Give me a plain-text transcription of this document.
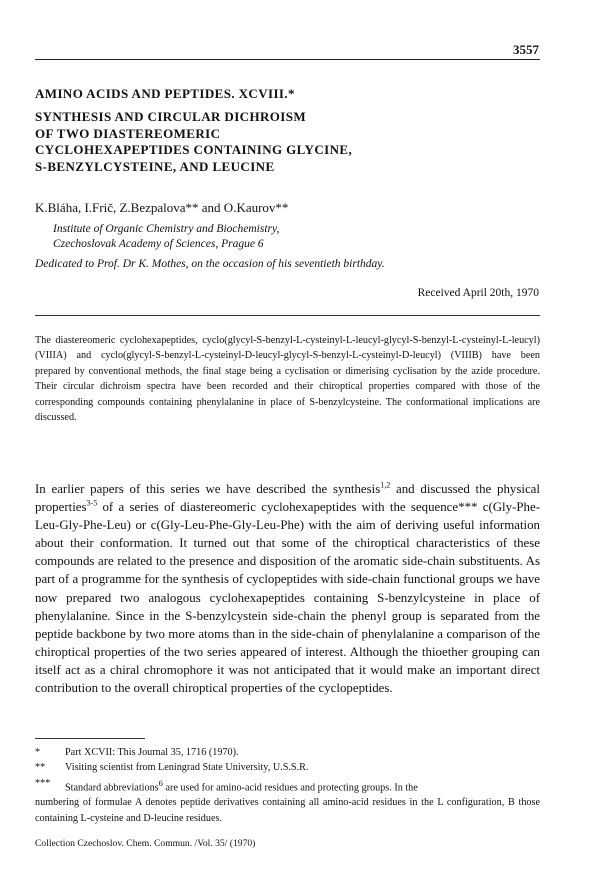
3557

AMINO ACIDS AND PEPTIDES. XCVIII.*

SYNTHESIS AND CIRCULAR DICHROISM
OF TWO DIASTEREOMERIC
CYCLOHEXAPEPTIDES CONTAINING GLYCINE,
S-BENZYLCYSTEINE, AND LEUCINE

K.Bláha, I.Frič, Z.Bezpalova** and O.Kaurov**
Institute of Organic Chemistry and Biochemistry,
Czechoslovak Academy of Sciences, Prague 6
Dedicated to Prof. Dr K. Mothes, on the occasion of his seventieth birthday.
Received April 20th, 1970

The diastereomeric cyclohexapeptides, cyclo(glycyl-S-benzyl-L-cysteinyl-L-leucyl-glycyl-S-benzyl-L-cysteinyl-L-leucyl) (VIIIA) and cyclo(glycyl-S-benzyl-L-cysteinyl-D-leucyl-glycyl-S-benzyl-L-cysteinyl-D-leucyl) (VIIIB) have been prepared by conventional methods, the final stage being a cyclisation or dimerising cyclisation by the azide procedure. Their circular dichroism spectra have been recorded and their chiroptical properties compared with those of the corresponding compounds containing phenylalanine in place of S-benzylcysteine. The conformational implications are discussed.

In earlier papers of this series we have described the synthesis$^{1,2}$ and discussed the physical properties$^{3-5}$ of a series of diastereomeric cyclohexapeptides with the sequence*** c(Gly-Phe-Leu-Gly-Phe-Leu) or c(Gly-Leu-Phe-Gly-Leu-Phe) with the aim of deriving useful information about their conformation. It turned out that some of the chiroptical characteristics of these compounds are related to the presence and disposition of the aromatic side-chain substituents. As part of a programme for the synthesis of cyclopeptides with side-chain functional groups we have now prepared two analogous cyclohexapeptides containing S-benzylcysteine in place of phenylalanine. Since in the S-benzylcystein side-chain the phenyl group is separated from the peptide backbone by two more atoms than in the side-chain of phenylalanine a comparison of the chiroptical properties of the two series appeared of interest. Although the thioether grouping can itself act as a chiral chromophore it was not anticipated that it would make an important direct contribution to the overall chiroptical properties of the cyclopeptides.

*	Part XCVII: This Journal 35, 1716 (1970).
**	Visiting scientist from Leningrad State University, U.S.S.R.
***	Standard abbreviations$^6$ are used for amino-acid residues and protecting groups. In the
numbering of formulae A denotes peptide derivatives containing all amino-acid residues in the L configuration, B those containing L-cysteine and D-leucine residues.
Collection Czechoslov. Chem. Commun. /Vol. 35/ (1970)
